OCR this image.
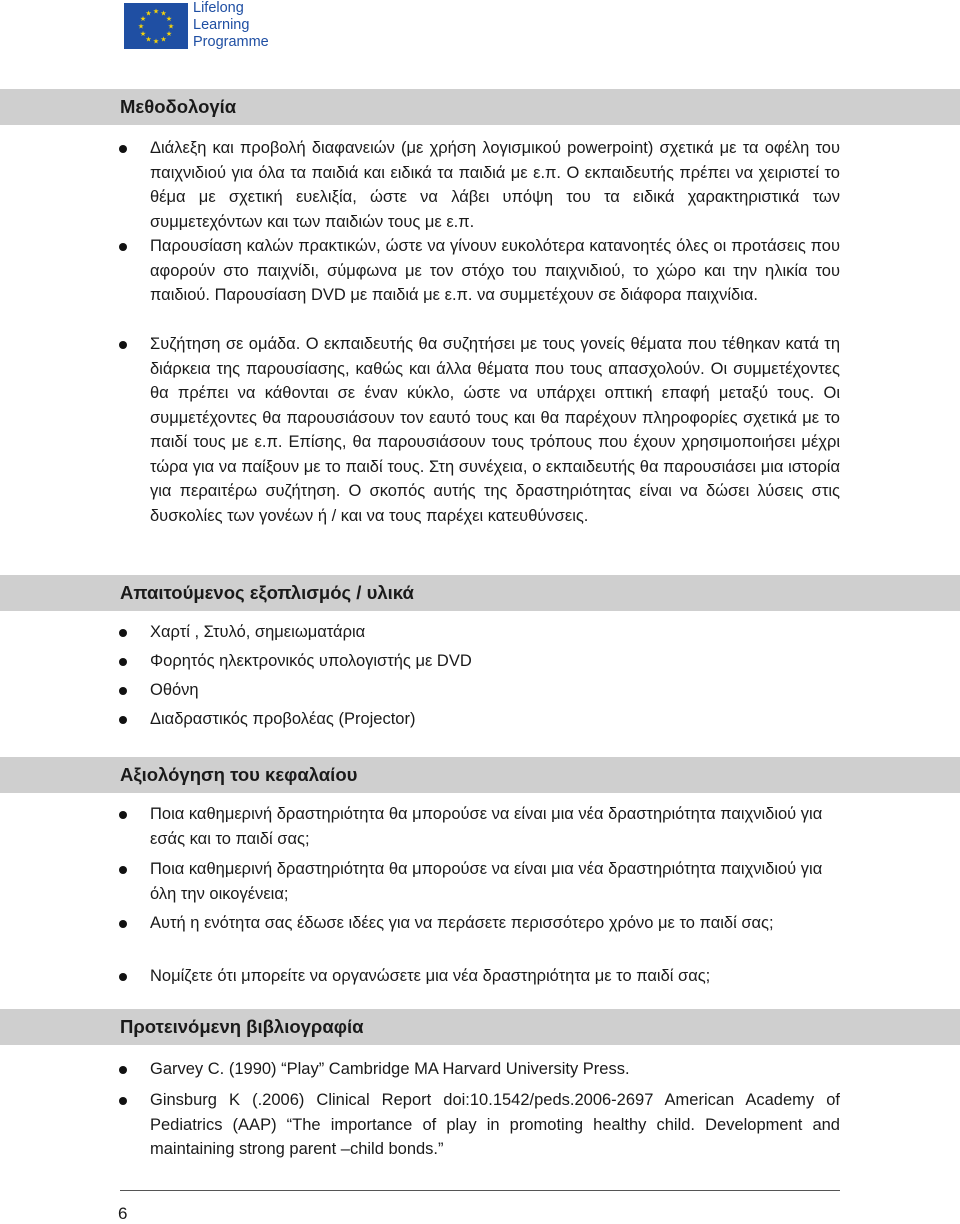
★ ★
★
★
★
★
★
★
★
★
★
★	Lifelong
Learning
Programme
Μεθοδολογία
Διάλεξη και προβολή διαφανειών (με χρήση λογισμικού powerpoint) σχετικά με τα οφέλη του παιχνιδιού για όλα τα παιδιά και ειδικά τα παιδιά με ε.π. Ο εκπαιδευτής πρέπει να χειριστεί το θέμα με σχετική ευελιξία, ώστε να λάβει υπόψη του τα ειδικά χαρακτηριστικά των συμμετεχόντων και των παιδιών τους με ε.π.
Παρουσίαση καλών πρακτικών, ώστε να γίνουν ευκολότερα κατανοητές όλες οι προτάσεις που αφορούν στο παιχνίδι, σύμφωνα με τον στόχο του παιχνιδιού, το χώρο και την ηλικία του παιδιού. Παρουσίαση DVD με παιδιά με ε.π. να συμμετέχουν σε διάφορα παιχνίδια.
Συζήτηση σε ομάδα. Ο εκπαιδευτής θα συζητήσει με τους γονείς θέματα που τέθηκαν κατά τη διάρκεια της παρουσίασης, καθώς και άλλα θέματα που τους απασχολούν. Οι συμμετέχοντες θα πρέπει να κάθονται σε έναν κύκλο, ώστε να υπάρχει οπτική επαφή μεταξύ τους. Οι συμμετέχοντες θα παρουσιάσουν τον εαυτό τους και θα παρέχουν πληροφορίες σχετικά με το παιδί τους με ε.π. Επίσης, θα παρουσιάσουν τους τρόπους που έχουν χρησιμοποιήσει μέχρι τώρα για να παίξουν με το παιδί τους. Στη συνέχεια, ο εκπαιδευτής θα παρουσιάσει μια ιστορία για περαιτέρω συζήτηση. Ο σκοπός αυτής της δραστηριότητας είναι να δώσει λύσεις στις δυσκολίες των γονέων ή / και να τους παρέχει κατευθύνσεις.
Απαιτούμενος εξοπλισμός / υλικά
Χαρτί , Στυλό, σημειωματάρια
Φορητός ηλεκτρονικός υπολογιστής με DVD
Οθόνη
Διαδραστικός προβολέας (Projector)
Αξιολόγηση του κεφαλαίου
Ποια καθημερινή δραστηριότητα θα μπορούσε να είναι μια νέα δραστηριότητα παιχνιδιού για εσάς και το παιδί σας;
Ποια καθημερινή δραστηριότητα θα μπορούσε να είναι μια νέα δραστηριότητα παιχνιδιού για όλη την οικογένεια;
Αυτή η ενότητα σας έδωσε ιδέες για να περάσετε περισσότερο χρόνο με το παιδί σας;
Νομίζετε ότι μπορείτε να οργανώσετε μια νέα δραστηριότητα με το παιδί σας;
Προτεινόμενη βιβλιογραφία
Garvey C. (1990) “Play” Cambridge MA Harvard University Press.
Ginsburg K (.2006) Clinical Report doi:10.1542/peds.2006-2697 American Academy of Pediatrics (AAP) “The importance of play in promoting healthy child. Development and maintaining strong parent –child bonds.”
6
